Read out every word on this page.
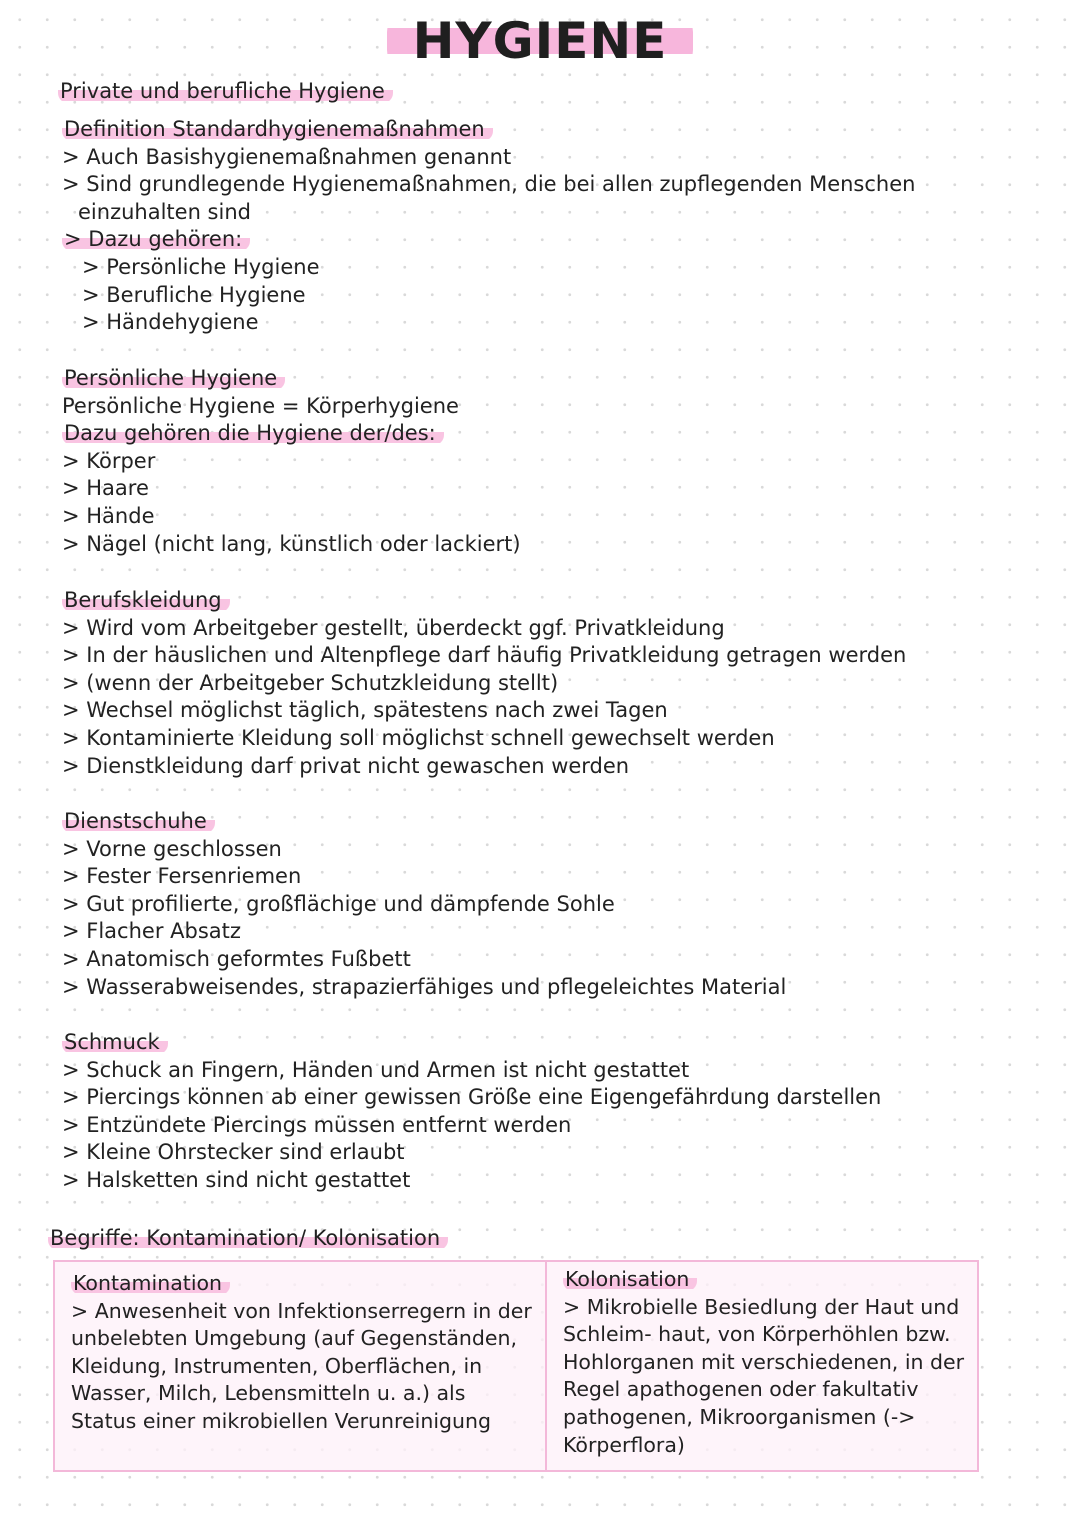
HYGIENE

Private und berufliche Hygiene

Definition Standardhygienemaßnahmen

> Auch Basishygienemaßnahmen genannt

> Sind grundlegende Hygienemaßnahmen, die bei allen zupflegenden Menschen

einzuhalten sind

> Dazu gehören:

> Persönliche Hygiene

> Berufliche Hygiene

> Händehygiene

Persönliche Hygiene

Persönliche Hygiene = Körperhygiene

Dazu gehören die Hygiene der/des:

> Körper

> Haare

> Hände

> Nägel (nicht lang, künstlich oder lackiert)

Berufskleidung

> Wird vom Arbeitgeber gestellt, überdeckt ggf. Privatkleidung

> In der häuslichen und Altenpflege darf häufig Privatkleidung getragen werden

> (wenn der Arbeitgeber Schutzkleidung stellt)

> Wechsel möglichst täglich, spätestens nach zwei Tagen

> Kontaminierte Kleidung soll möglichst schnell gewechselt werden

> Dienstkleidung darf privat nicht gewaschen werden

Dienstschuhe

> Vorne geschlossen

> Fester Fersenriemen

> Gut profilierte, großflächige und dämpfende Sohle

> Flacher Absatz

> Anatomisch geformtes Fußbett

> Wasserabweisendes, strapazierfähiges und pflegeleichtes Material

Schmuck

> Schuck an Fingern, Händen und Armen ist nicht gestattet

> Piercings können ab einer gewissen Größe eine Eigengefährdung darstellen

> Entzündete Piercings müssen entfernt werden

> Kleine Ohrstecker sind erlaubt

> Halsketten sind nicht gestattet

Begriffe: Kontamination/ Kolonisation

Kontamination

> Anwesenheit von Infektionserregern in der unbelebten Umgebung (auf Gegenständen, Kleidung, Instrumenten, Oberflächen, in Wasser, Milch, Lebensmitteln u. a.) als Status einer mikrobiellen Verunreinigung

Kolonisation

> Mikrobielle Besiedlung der Haut und Schleim- haut, von Körperhöhlen bzw. Hohlorganen mit verschiedenen, in der Regel apathogenen oder fakultativ pathogenen, Mikroorganismen (-> Körperflora)
